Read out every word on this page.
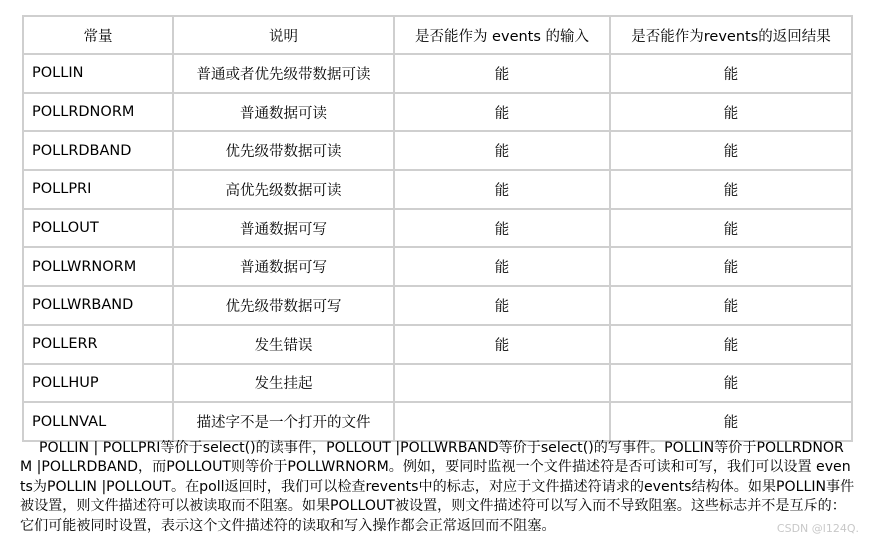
常量	说明	是否能作为 events 的输入	是否能作为revents的返回结果
POLLIN	普通或者优先级带数据可读	能	能
POLLRDNORM	普通数据可读	能	能
POLLRDBAND	优先级带数据可读	能	能
POLLPRI	高优先级数据可读	能	能
POLLOUT	普通数据可写	能	能
POLLWRNORM	普通数据可写	能	能
POLLWRBAND	优先级带数据可写	能	能
POLLERR	发生错误	能	能
POLLHUP	发生挂起		能
POLLNVAL	描述字不是一个打开的文件		能

POLLIN | POLLPRI等价于select()的读事件，POLLOUT |POLLWRBAND等价于select()的写事件。POLLIN等价于POLLRDNORM |POLLRDBAND，而POLLOUT则等价于POLLWRNORM。例如，要同时监视一个文件描述符是否可读和可写，我们可以设置 events为POLLIN |POLLOUT。在poll返回时，我们可以检查revents中的标志，对应于文件描述符请求的events结构体。如果POLLIN事件被设置，则文件描述符可以被读取而不阻塞。如果POLLOUT被设置，则文件描述符可以写入而不导致阻塞。这些标志并不是互斥的：它们可能被同时设置，表示这个文件描述符的读取和写入操作都会正常返回而不阻塞。	CSDN @l124Q.
